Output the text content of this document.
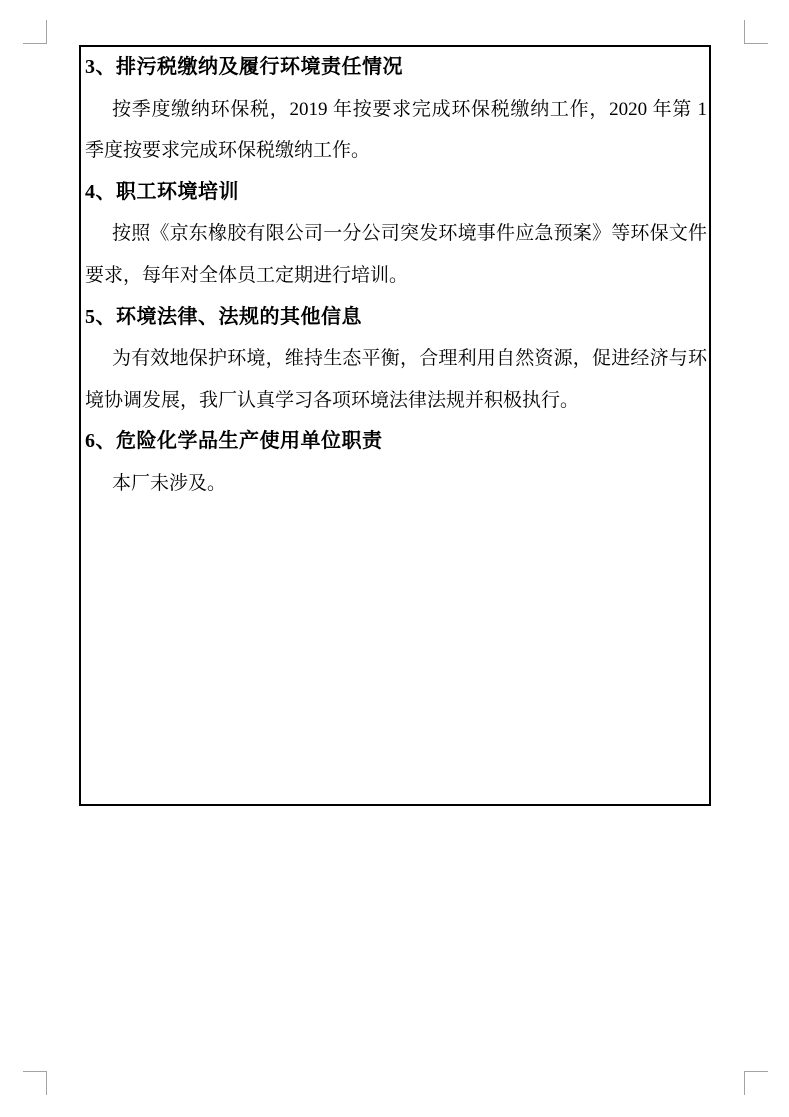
3、排污税缴纳及履行环境责任情况
按季度缴纳环保税，2019 年按要求完成环保税缴纳工作，2020 年第 1
季度按要求完成环保税缴纳工作。
4、职工环境培训
按照《京东橡胶有限公司一分公司突发环境事件应急预案》等环保文件
要求，每年对全体员工定期进行培训。
5、环境法律、法规的其他信息
为有效地保护环境，维持生态平衡，合理利用自然资源，促进经济与环
境协调发展，我厂认真学习各项环境法律法规并积极执行。
6、危险化学品生产使用单位职责
本厂未涉及。
